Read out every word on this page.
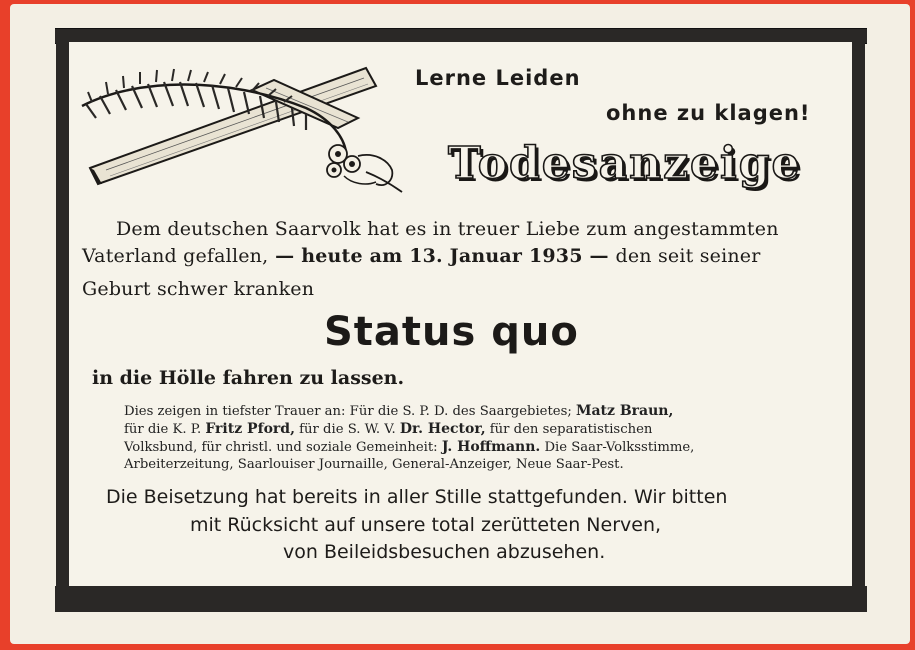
Lerne Leiden
ohne zu klagen!
Todesanzeige
Dem deutschen Saarvolk hat es in treuer Liebe zum angestammten
Vaterland gefallen, — heute am 13. Januar 1935 — den seit seiner
Geburt schwer kranken
Status quo
in die Hölle fahren zu lassen.
Dies zeigen in tiefster Trauer an: Für die S. P. D. des Saargebietes; Matz Braun,
für die K. P. Fritz Pford, für die S. W. V. Dr. Hector, für den separatistischen
Volksbund, für christl. und soziale Gemeinheit: J. Hoffmann. Die Saar-Volksstimme,
Arbeiterzeitung, Saarlouiser Journaille, General-Anzeiger, Neue Saar-Pest.
Die Beisetzung hat bereits in aller Stille stattgefunden. Wir bitten
mit Rücksicht auf unsere total zerütteten Nerven,
von Beileidsbesuchen abzusehen.
